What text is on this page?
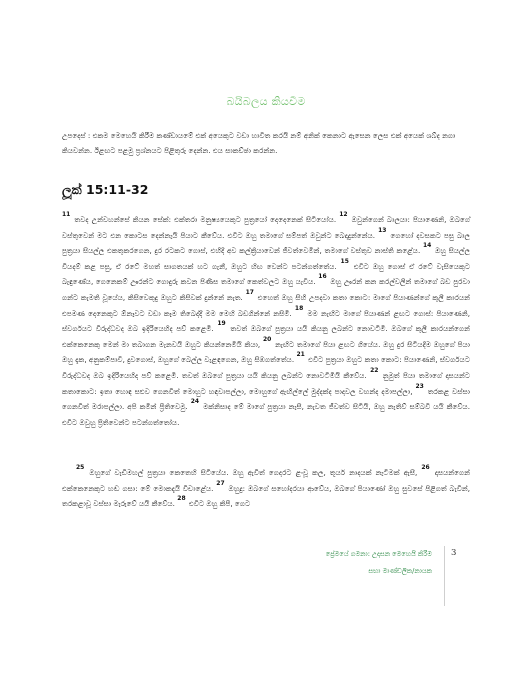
බයිබලය කියවීම
උපදෙස් : එකම මෙහෙයි කිරීම කණ්ඩායමේ එක් අයෙකුට වඩා හාවිත කරයි නම් අනික් කෙනාට ඇසෙන ලෙස එක් අයෙක් ශබ්ද නගා කියවන්න. ඊළඟට පළමු ප්‍රශ්නයට පිළිතුරු දෙන්න. එය සාකච්ඡා කරන්න.
ලූක් 15:11-32

$^{11}$ තවද උන්වහන්සේ කියන සේක්: එක්තරා මනුෂ්‍යයෙකුට පුත්‍රයෝ දෙදෙනෙක් සිටියෝය. $^{12}$ ඔවුන්ගෙන් බාලයා: පියාණෙනි, ඔබගේ වස්තුවෙන් මට එන කොටස දෙන්නැයි පියාට කීවේය. එවිට ඔහු තමාගේ සම්පත් ඔවුන්ට බෙදාදුන්නේය. $^{13}$ ගෙහෝ දවසකට පසු බාල පුත්‍රයා සියල්ල එකතුකරගෙන, දුර රටකට ගොස්, එහිදී අව කල්ක්‍රියාවෙන් ජීවත්වෙමින්, තමාගේ වස්තුව නාස්ති කළේය. $^{14}$ ඔහු සියල්ල වියදම් කළ පසු, ඒ රටේ මහත් සාගතයක් හට ගැනී, ඔහුට හිඟ වෙන්ට පටන්ගත්තේය. $^{15}$ එවිට ඔහු ගොස් ඒ රටේ වැසියෙකුට බැඳුණේය, ගෙනෙකම් ඌරන්ට ගොදුරු කවන පිණිස තමාගේ කෙත්වලට ඔහු යැවීය. $^{16}$ ඔහු ඌරන් කන කරල්වලින් තමාගේ බඩ පුරවා ගන්ට කැමති වූයේය, කිසිවෙකුදු ඔහුට කිසිවක් දුන්නේ නැත. $^{17}$ එහෙත් ඔහු සිහි උපදවා කතා කොට: මාගේ පියාණන්ගේ කුලී කාරයන් එපමණ දෙනෙකුට ඕනෑවට වඩා කෑම තිබෙද්දී මම මෙහි බඩගින්නේ නසිමි. $^{18}$ මම නැඟිට මාගේ පියාණන් ළඟට ගොස්: පියාණෙනි, ස්වර්ගයට විරුද්ධවද ඔබ ඉදිරියෙහිද පව් කළෙමි. $^{19}$ තවත් ඔබගේ පුත්‍රයා යයි කියනු ලබන්ට නොවටිමි. ඔබගේ කුලී කාරයන්ගෙන් එක්කෙනෙකු මෙන් මා තබාගන මැනවයි ඔහුට කියන්නෙමියි කියා, $^{20}$ නැඟිට තමාගේ පියා ළඟට ගියේය. ඔහු දුර සිටියදීම ඔහුගේ පියා ඔහු දැක, අනුකම්පාවී, දුවගොස්, ඔහුගේ බෙල්ල වැළඳගෙන, ඔහු සිඹගත්තේය. $^{21}$ එවිට පුත්‍රයා ඔහුට කතා කොට: පියාණෙනි, ස්වර්ගයට විරුද්ධවද ඔබ ඉදිරියෙහිද පව් කළෙමි. තවත් ඔබගේ පුත්‍රයා යයි කියනු ලබන්ට නොවටිමියි කීවේය. $^{22}$ නුමුත් පියා තමාගේ දාසයන්ට කතාකොට: ඉතා හොඳ සළුව ගෙනවිත් මොහුට හඳවාපල්ලා, මොහුගේ ඇඟිල්ලේ මුද්දක්ද පාදවල වහන්ද දමාපල්ලා, $^{23}$ තරකළ වස්සා ගෙනවිත් මරාපල්ලා. අපි කමින් ප්‍රීතිවෙමු. $^{24}$ මක්නිසාද මේ මාගේ පුත්‍රයා නැසී, නැවත ජීවත්ව සිටියි, ඔහු නැතිව් සම්බවි යයි කීවේය. එවිට ඔවුහු ප්‍රීතිවෙන්ට පටන්ගත්තෝය.

$^{25}$ ඔහුගේ වැඩිමහල් පුත්‍රයා කෙතෙහි සිටියේය. ඔහු ඇවිත් ගෙදරට ළංවූ කල, තූර්ය නාදයක් නැටීමක් ඇසී, $^{26}$ දාසයන්ගෙන් එක්කෙනෙකුට හඬ ගසා: මේ මොකදැයි විචාළේය. $^{27}$ ඔහුදු: ඔබගේ සහෝදරයා ආවේය, ඔබගේ පියාණෝ ඔහු සුවසේ පිළිගත් බැවින්, තරකළාවූ වස්සා මැරුවේ යයි කීවේය. $^{28}$ එවිට ඔහු කිපී, ගෙට

ප්‍රේමයේ ගමනා: උදාසන මෙහෙයි කිරීම
සභා මාණ්ඩලික/නායක
3
